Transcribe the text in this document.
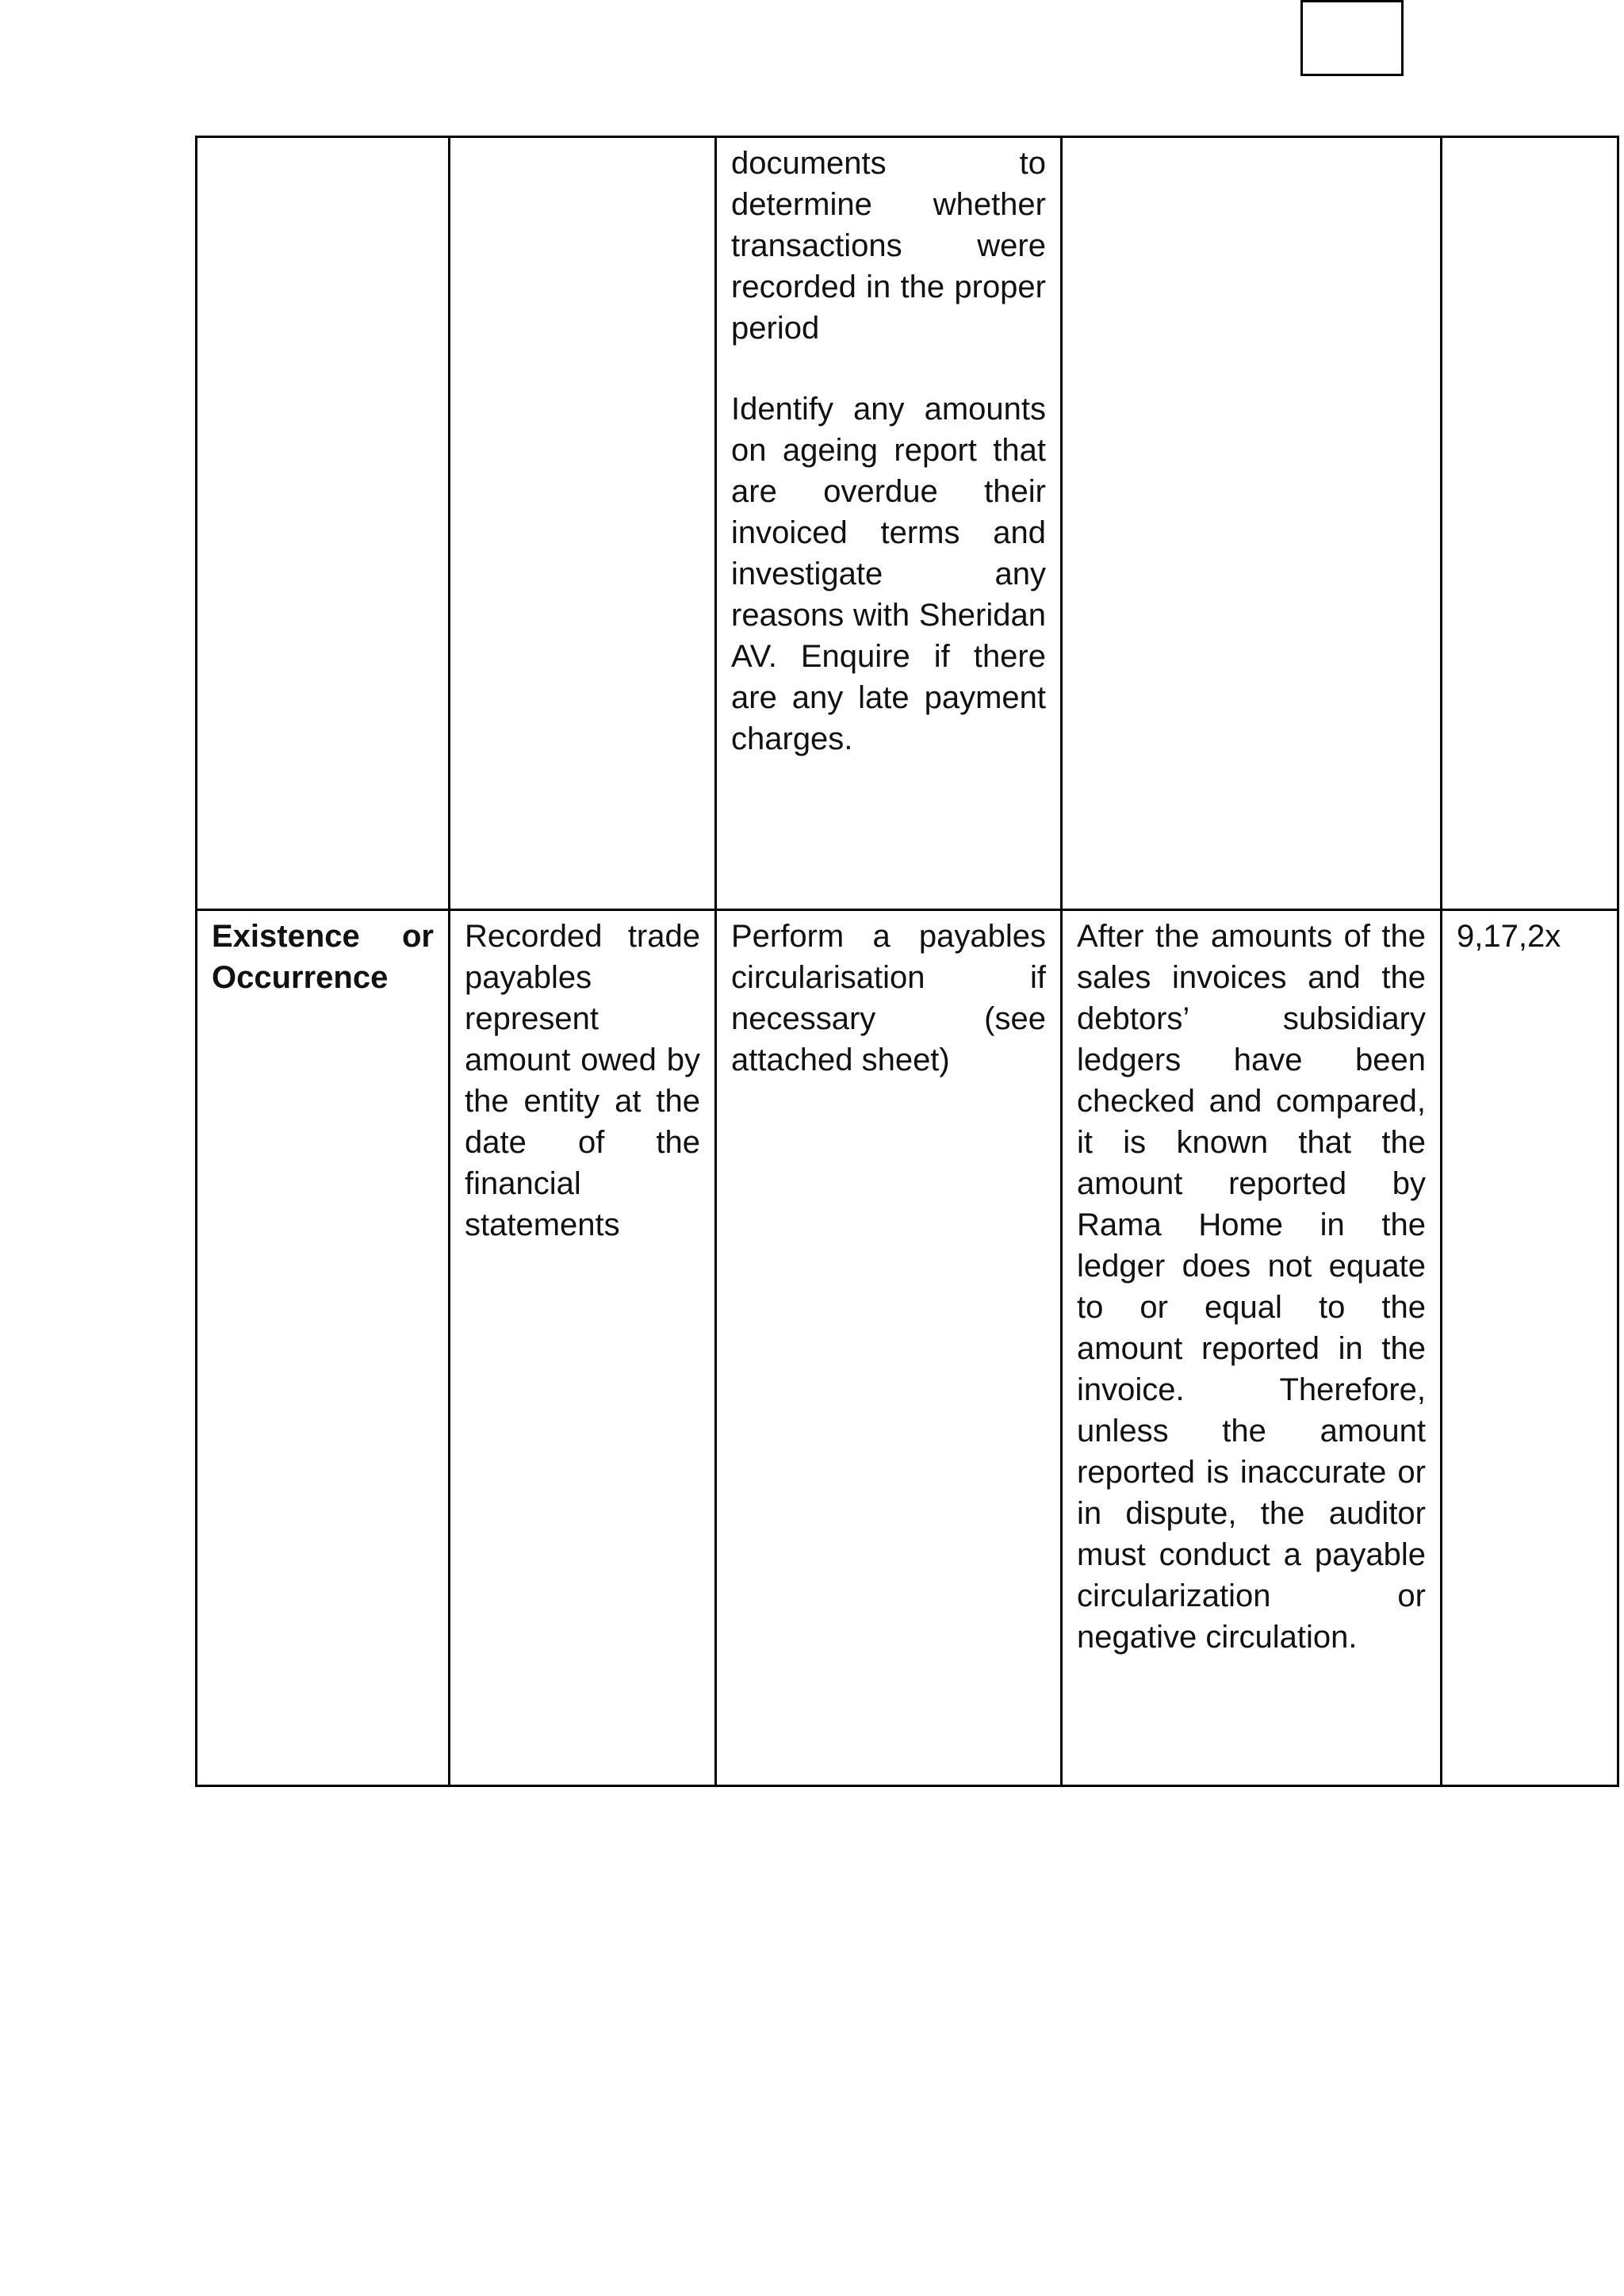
		documents to determine whether transactions were recorded in the proper period
Identify any amounts on ageing report that are overdue their invoiced terms and investigate any reasons with Sheridan AV. Enquire if there are any late payment charges.		

Existence or Occurrence	Recorded trade payables represent amount owed by the entity at the date of the financial statements	Perform a payables circularisation if necessary (see attached sheet)	After the amounts of the sales invoices and the debtors’ subsidiary ledgers have been checked and compared, it is known that the amount reported by Rama Home in the ledger does not equate to or equal to the amount reported in the invoice. Therefore, unless the amount reported is inaccurate or in dispute, the auditor must conduct a payable circularization or negative circulation.	9,17,2x
